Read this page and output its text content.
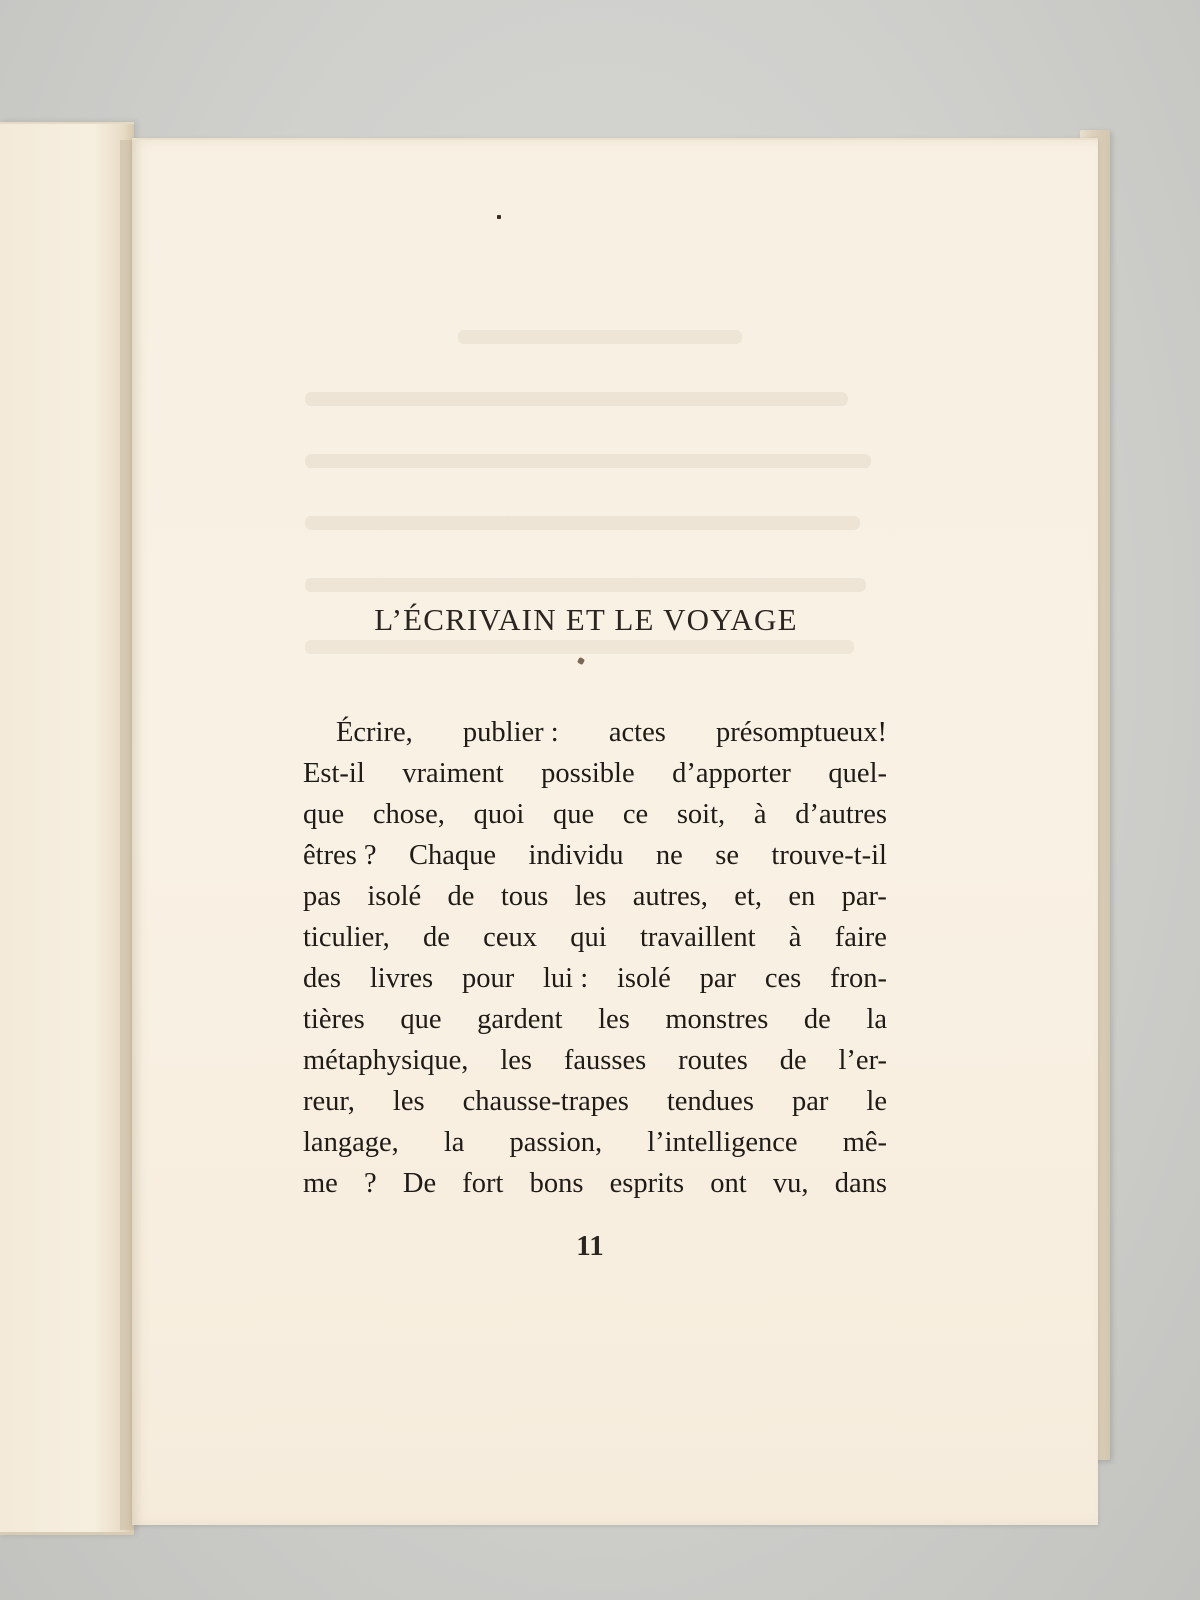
L’ÉCRIVAIN ET LE VOYAGE
Écrire, publier : actes présomptueux!
Est-il vraiment possible d’apporter quel-
que chose, quoi que ce soit, à d’autres
êtres ? Chaque individu ne se trouve-t-il
pas isolé de tous les autres, et, en par-
ticulier, de ceux qui travaillent à faire
des livres pour lui : isolé par ces fron-
tières que gardent les monstres de la
métaphysique, les fausses routes de l’er-
reur, les chausse-trapes tendues par le
langage, la passion, l’intelligence mê-
me ? De fort bons esprits ont vu, dans
11
